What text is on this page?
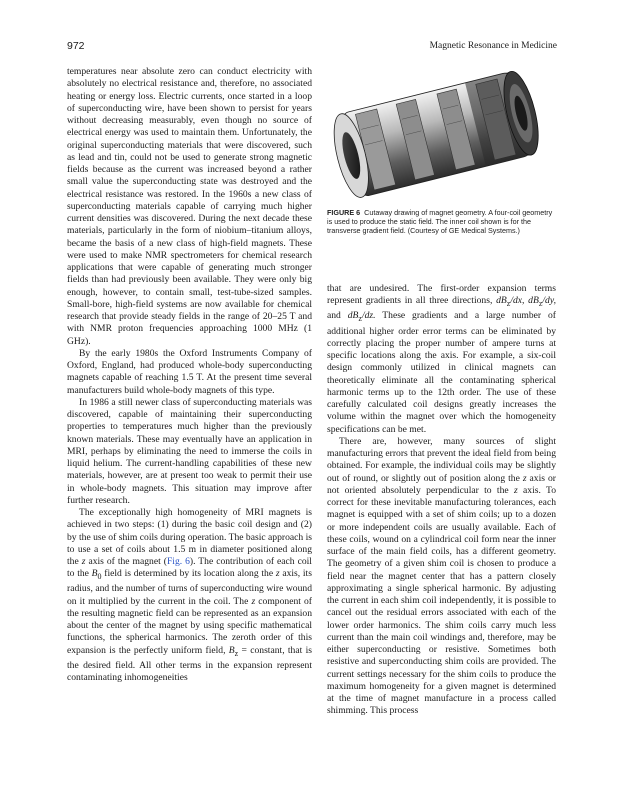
972	Magnetic Resonance in Medicine

temperatures near absolute zero can conduct electricity with absolutely no electrical resistance and, therefore, no associated heating or energy loss. Electric currents, once started in a loop of superconducting wire, have been shown to persist for years without decreasing measurably, even though no source of electrical energy was used to maintain them. Unfortunately, the original superconducting materials that were discovered, such as lead and tin, could not be used to generate strong magnetic fields because as the current was increased beyond a rather small value the superconducting state was destroyed and the electrical resistance was restored. In the 1960s a new class of superconducting materials capable of carrying much higher current densities was discovered. During the next decade these materials, particularly in the form of niobium–titanium alloys, became the basis of a new class of high-field magnets. These were used to make NMR spectrometers for chemical research applications that were capable of generating much stronger fields than had previously been available. They were only big enough, however, to contain small, test-tube-sized samples. Small-bore, high-field systems are now available for chemical research that provide steady fields in the range of 20–25 T and with NMR proton frequencies approaching 1000 MHz (1 GHz).

By the early 1980s the Oxford Instruments Company of Oxford, England, had produced whole-body superconducting magnets capable of reaching 1.5 T. At the present time several manufacturers build whole-body magnets of this type.

In 1986 a still newer class of superconducting materials was discovered, capable of maintaining their superconducting properties to temperatures much higher than the previously known materials. These may eventually have an application in MRI, perhaps by eliminating the need to immerse the coils in liquid helium. The current-handling capabilities of these new materials, however, are at present too weak to permit their use in whole-body magnets. This situation may improve after further research.

The exceptionally high homogeneity of MRI magnets is achieved in two steps: (1) during the basic coil design and (2) by the use of shim coils during operation. The basic approach is to use a set of coils about 1.5 m in diameter positioned along the z axis of the magnet (Fig. 6). The contribution of each coil to the $B_0$ field is determined by its location along the z axis, its radius, and the number of turns of superconducting wire wound on it multiplied by the current in the coil. The z component of the resulting magnetic field can be represented as an expansion about the center of the magnet by using specific mathematical functions, the spherical harmonics. The zeroth order of this expansion is the perfectly uniform field, $B_z$ = constant, that is the desired field. All other terms in the expansion represent contaminating inhomogeneities

FIGURE 6 Cutaway drawing of magnet geometry. A four-coil geometry is used to produce the static field. The inner coil shown is for the transverse gradient field. (Courtesy of GE Medical Systems.)

that are undesired. The first-order expansion terms represent gradients in all three directions, $dB_z/dx$, $dB_z/dy$, and $dB_z/dz$. These gradients and a large number of additional higher order error terms can be eliminated by correctly placing the proper number of ampere turns at specific locations along the axis. For example, a six-coil design commonly utilized in clinical magnets can theoretically eliminate all the contaminating spherical harmonic terms up to the 12th order. The use of these carefully calculated coil designs greatly increases the volume within the magnet over which the homogeneity specifications can be met.

There are, however, many sources of slight manufacturing errors that prevent the ideal field from being obtained. For example, the individual coils may be slightly out of round, or slightly out of position along the z axis or not oriented absolutely perpendicular to the z axis. To correct for these inevitable manufacturing tolerances, each magnet is equipped with a set of shim coils; up to a dozen or more independent coils are usually available. Each of these coils, wound on a cylindrical coil form near the inner surface of the main field coils, has a different geometry. The geometry of a given shim coil is chosen to produce a field near the magnet center that has a pattern closely approximating a single spherical harmonic. By adjusting the current in each shim coil independently, it is possible to cancel out the residual errors associated with each of the lower order harmonics. The shim coils carry much less current than the main coil windings and, therefore, may be either superconducting or resistive. Sometimes both resistive and superconducting shim coils are provided. The current settings necessary for the shim coils to produce the maximum homogeneity for a given magnet is determined at the time of magnet manufacture in a process called shimming. This process
